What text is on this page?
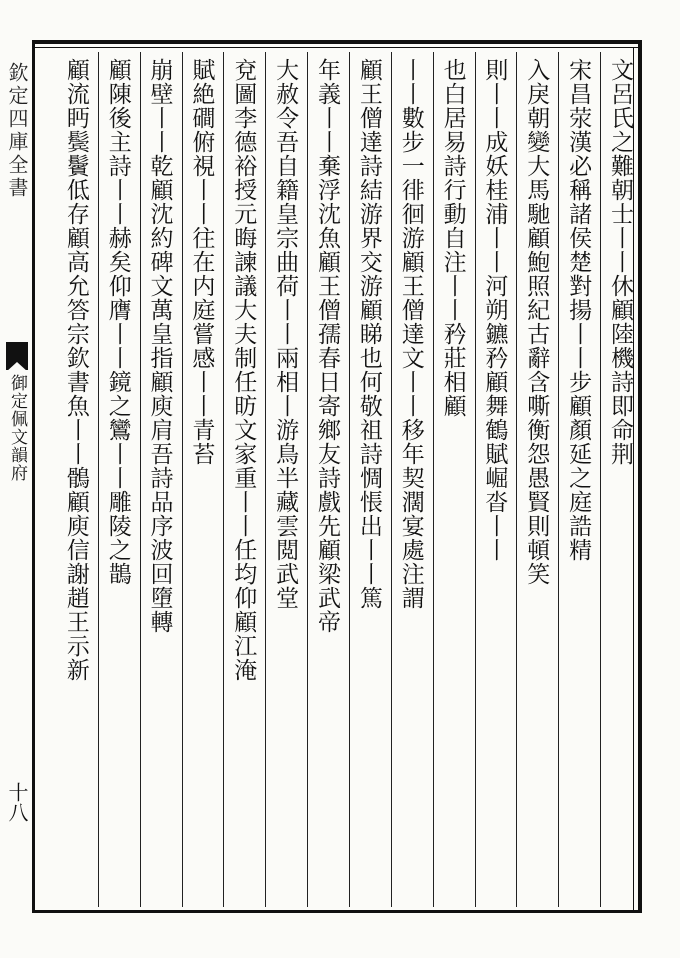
文呂氏之難朝士丨丨休顧陸機詩即命荆
宋昌荥漢必稱諸侯楚對揚丨丨步顧顏延之庭誥精
入戾朝變大馬馳顧鮑照紀古辭含嘶衡怨愚賢則頓笑
則丨丨成妖桂浦丨丨河朔鑣矜顧舞鶴賦崛沓丨丨
也白居易詩行動自注丨丨矜莊相顧
丨丨數步一徘徊游顧王僧達文丨丨移年契濶宴處注謂
顧王僧達詩結游界交游顧睇也何敬祖詩惆悵出丨丨篤
年義丨丨棄浮沈魚顧王僧孺春日寄鄉友詩戲先顧梁武帝
大赦令吾自籍皇宗曲荷丨丨兩相丨游鳥半藏雲閲武堂
兗圖李德裕授元晦諫議大夫制任昉文家重丨丨任均仰顧江淹
賦絶磵俯視丨丨往在内庭嘗感丨丨青苔
崩壁丨丨乾顧沈約碑文萬皇指顧庾肩吾詩品序波回墮轉
顧陳後主詩丨丨赫矣仰膺丨丨鏡之鸞丨丨雕陵之鵲
顧流眄鬓鬢低存顧高允答宗欽書魚丨丨鶻顧庾信謝趙王示新
欽定四庫全書
御定佩文韻府
十八
